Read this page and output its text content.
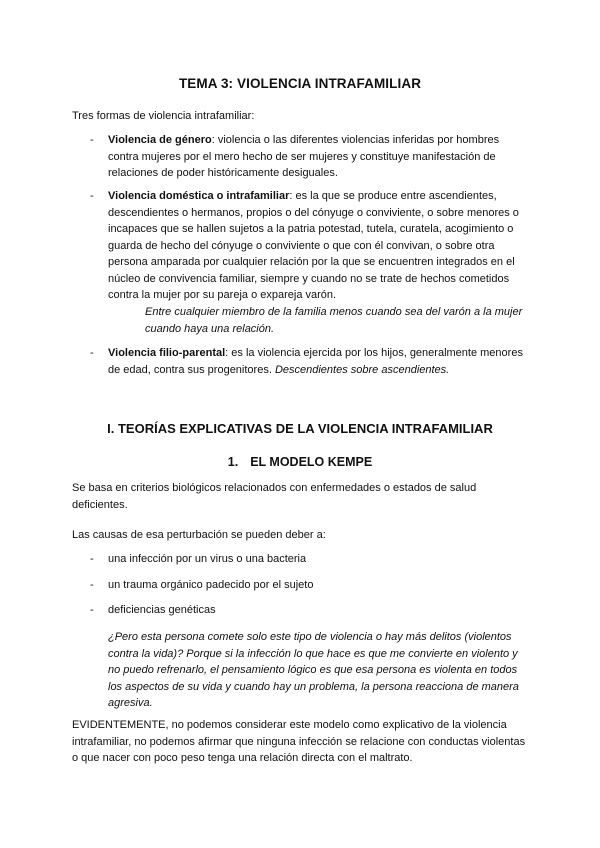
TEMA 3: VIOLENCIA INTRAFAMILIAR

Tres formas de violencia intrafamiliar:

- Violencia de género: violencia o las diferentes violencias inferidas por hombres contra mujeres por el mero hecho de ser mujeres y constituye manifestación de relaciones de poder históricamente desiguales.
- Violencia doméstica o intrafamiliar: es la que se produce entre ascendientes, descendientes o hermanos, propios o del cónyuge o conviviente, o sobre menores o incapaces que se hallen sujetos a la patria potestad, tutela, curatela, acogimiento o guarda de hecho del cónyuge o conviviente o que con él convivan, o sobre otra persona amparada por cualquier relación por la que se encuentren integrados en el núcleo de convivencia familiar, siempre y cuando no se trate de hechos cometidos contra la mujer por su pareja o expareja varón.

Entre cualquier miembro de la familia menos cuando sea del varón a la mujer cuando haya una relación.

- Violencia filio-parental: es la violencia ejercida por los hijos, generalmente menores de edad, contra sus progenitores. Descendientes sobre ascendientes.
I. TEORÍAS EXPLICATIVAS DE LA VIOLENCIA INTRAFAMILIAR
1. EL MODELO KEMPE

Se basa en criterios biológicos relacionados con enfermedades o estados de salud deficientes.

Las causas de esa perturbación se pueden deber a:

- una infección por un virus o una bacteria
- un trauma orgánico padecido por el sujeto
- deficiencias genéticas

¿Pero esta persona comete solo este tipo de violencia o hay más delitos (violentos contra la vida)? Porque si la infección lo que hace es que me convierte en violento y no puedo refrenarlo, el pensamiento lógico es que esa persona es violenta en todos los aspectos de su vida y cuando hay un problema, la persona reacciona de manera agresiva.

EVIDENTEMENTE, no podemos considerar este modelo como explicativo de la violencia intrafamiliar, no podemos afirmar que ninguna infección se relacione con conductas violentas o que nacer con poco peso tenga una relación directa con el maltrato.
